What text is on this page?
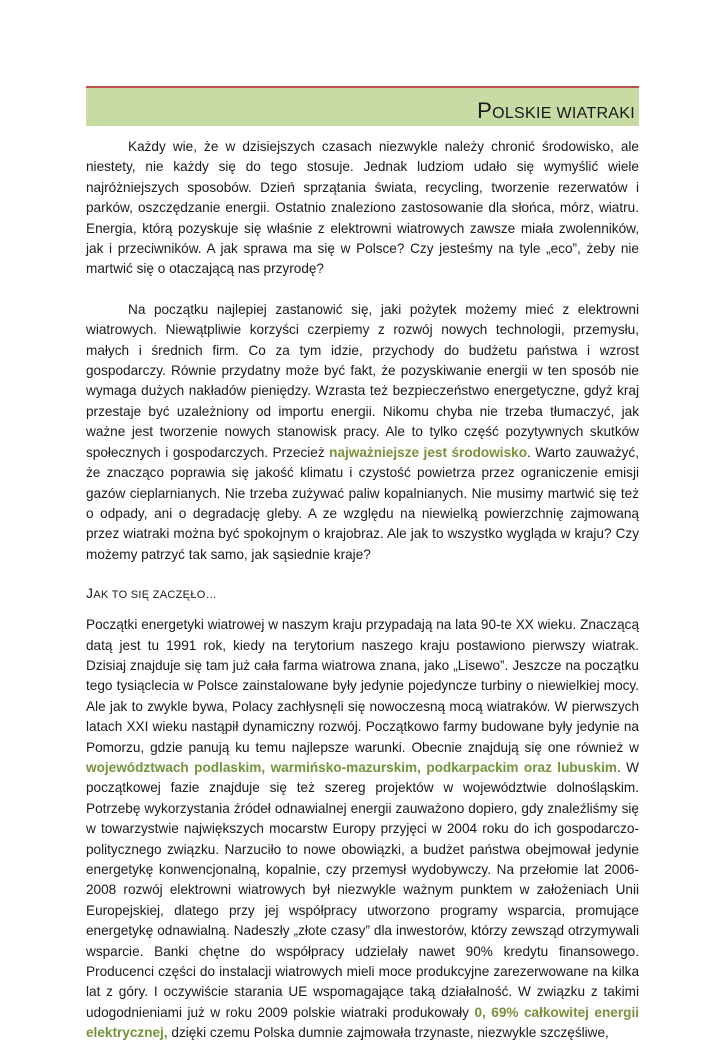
POLSKIE WIATRAKI

Każdy wie, że w dzisiejszych czasach niezwykle należy chronić środowisko, ale niestety, nie każdy się do tego stosuje. Jednak ludziom udało się wymyślić wiele najróżniejszych sposobów. Dzień sprzątania świata, recycling, tworzenie rezerwatów i parków, oszczędzanie energii. Ostatnio znaleziono zastosowanie dla słońca, mórz, wiatru. Energia, którą pozyskuje się właśnie z elektrowni wiatrowych zawsze miała zwolenników, jak i przeciwników. A jak sprawa ma się w Polsce? Czy jesteśmy na tyle „eco”, żeby nie martwić się o otaczającą nas przyrodę?

Na początku najlepiej zastanowić się, jaki pożytek możemy mieć z elektrowni wiatrowych. Niewątpliwie korzyści czerpiemy z rozwój nowych technologii, przemysłu, małych i średnich firm. Co za tym idzie, przychody do budżetu państwa i wzrost gospodarczy. Równie przydatny może być fakt, że pozyskiwanie energii w ten sposób nie wymaga dużych nakładów pieniędzy. Wzrasta też bezpieczeństwo energetyczne, gdyż kraj przestaje być uzależniony od importu energii. Nikomu chyba nie trzeba tłumaczyć, jak ważne jest tworzenie nowych stanowisk pracy. Ale to tylko część pozytywnych skutków społecznych i gospodarczych. Przecież najważniejsze jest środowisko. Warto zauważyć, że znacząco poprawia się jakość klimatu i czystość powietrza przez ograniczenie emisji gazów cieplarnianych. Nie trzeba zużywać paliw kopalnianych. Nie musimy martwić się też o odpady, ani o degradację gleby. A ze względu na niewielką powierzchnię zajmowaną przez wiatraki można być spokojnym o krajobraz. Ale jak to wszystko wygląda w kraju? Czy możemy patrzyć tak samo, jak sąsiednie kraje?

JAK TO SIĘ ZACZĘŁO…

Początki energetyki wiatrowej w naszym kraju przypadają na lata 90-te XX wieku. Znaczącą datą jest tu 1991 rok, kiedy na terytorium naszego kraju postawiono pierwszy wiatrak. Dzisiaj znajduje się tam już cała farma wiatrowa znana, jako „Lisewo”. Jeszcze na początku tego tysiąclecia w Polsce zainstalowane były jedynie pojedyncze turbiny o niewielkiej mocy. Ale jak to zwykle bywa, Polacy zachłysnęli się nowoczesną mocą wiatraków. W pierwszych latach XXI wieku nastąpił dynamiczny rozwój. Początkowo farmy budowane były jedynie na Pomorzu, gdzie panują ku temu najlepsze warunki. Obecnie znajdują się one również w województwach podlaskim, warmińsko-mazurskim, podkarpackim oraz lubuskim. W początkowej fazie znajduje się też szereg projektów w województwie dolnośląskim. Potrzebę wykorzystania źródeł odnawialnej energii zauważono dopiero, gdy znaleźliśmy się w towarzystwie największych mocarstw Europy przyjęci w 2004 roku do ich gospodarczo-politycznego związku. Narzuciło to nowe obowiązki, a budżet państwa obejmował jedynie energetykę konwencjonalną, kopalnie, czy przemysł wydobywczy. Na przełomie lat 2006-2008 rozwój elektrowni wiatrowych był niezwykle ważnym punktem w założeniach Unii Europejskiej, dlatego przy jej współpracy utworzono programy wsparcia, promujące energetykę odnawialną. Nadeszły „złote czasy” dla inwestorów, którzy zewsząd otrzymywali wsparcie. Banki chętne do współpracy udzielały nawet 90% kredytu finansowego. Producenci części do instalacji wiatrowych mieli moce produkcyjne zarezerwowane na kilka lat z góry. I oczywiście starania UE wspomagające taką działalność. W związku z takimi udogodnieniami już w roku 2009 polskie wiatraki produkowały 0, 69% całkowitej energii elektrycznej, dzięki czemu Polska dumnie zajmowała trzynaste, niezwykle szczęśliwe,
